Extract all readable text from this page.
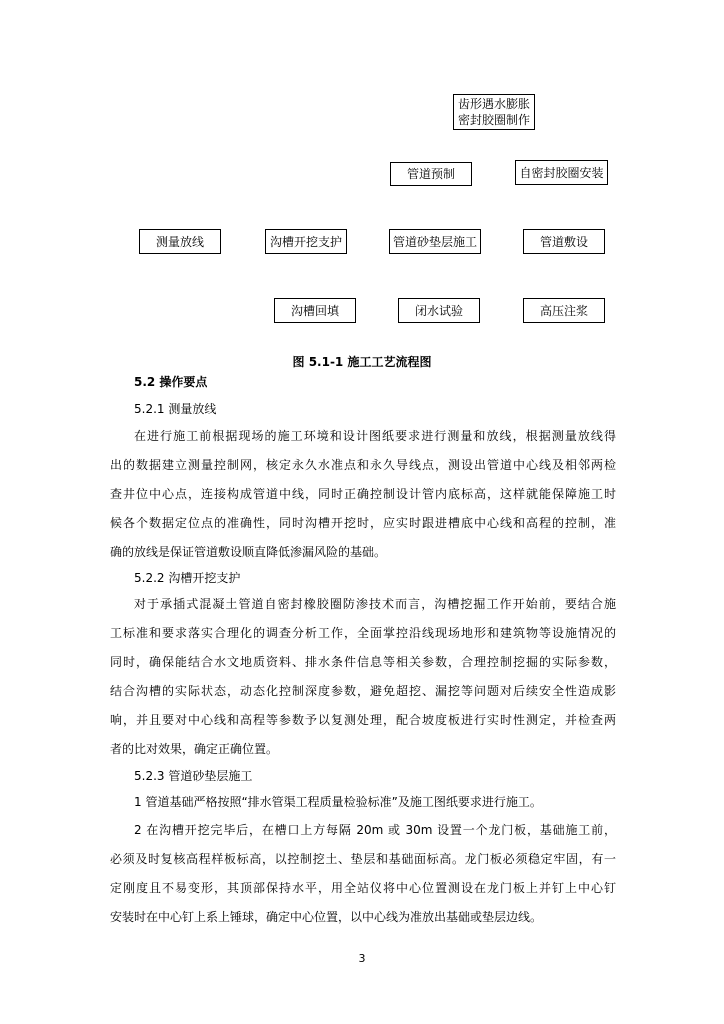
齿形遇水膨胀
密封胶圈制作
管道预制	自密封胶圈安装
测量放线	沟槽开挖支护	管道砂垫层施工	管道敷设
沟槽回填	闭水试验	高压注浆
图 5.1-1 施工工艺流程图
5.2 操作要点
5.2.1 测量放线
在进行施工前根据现场的施工环境和设计图纸要求进行测量和放线，根据测量放线得
出的数据建立测量控制网，核定永久水准点和永久导线点，测设出管道中心线及相邻两检
查井位中心点，连接构成管道中线，同时正确控制设计管内底标高，这样就能保障施工时
候各个数据定位点的准确性，同时沟槽开挖时，应实时跟进槽底中心线和高程的控制，准
确的放线是保证管道敷设顺直降低渗漏风险的基础。
5.2.2 沟槽开挖支护
对于承插式混凝土管道自密封橡胶圈防渗技术而言，沟槽挖掘工作开始前，要结合施
工标准和要求落实合理化的调查分析工作，全面掌控沿线现场地形和建筑物等设施情况的
同时，确保能结合水文地质资料、排水条件信息等相关参数，合理控制挖掘的实际参数，
结合沟槽的实际状态，动态化控制深度参数，避免超挖、漏挖等问题对后续安全性造成影
响，并且要对中心线和高程等参数予以复测处理，配合坡度板进行实时性测定，并检查两
者的比对效果，确定正确位置。
5.2.3 管道砂垫层施工
1 管道基础严格按照“排水管渠工程质量检验标准”及施工图纸要求进行施工。
2 在沟槽开挖完毕后，在槽口上方每隔 20m 或 30m 设置一个龙门板，基础施工前，
必须及时复核高程样板标高，以控制挖土、垫层和基础面标高。龙门板必须稳定牢固，有一
定刚度且不易变形，其顶部保持水平，用全站仪将中心位置测设在龙门板上并钉上中心钉
安装时在中心钉上系上锤球，确定中心位置，以中心线为准放出基础或垫层边线。
3
